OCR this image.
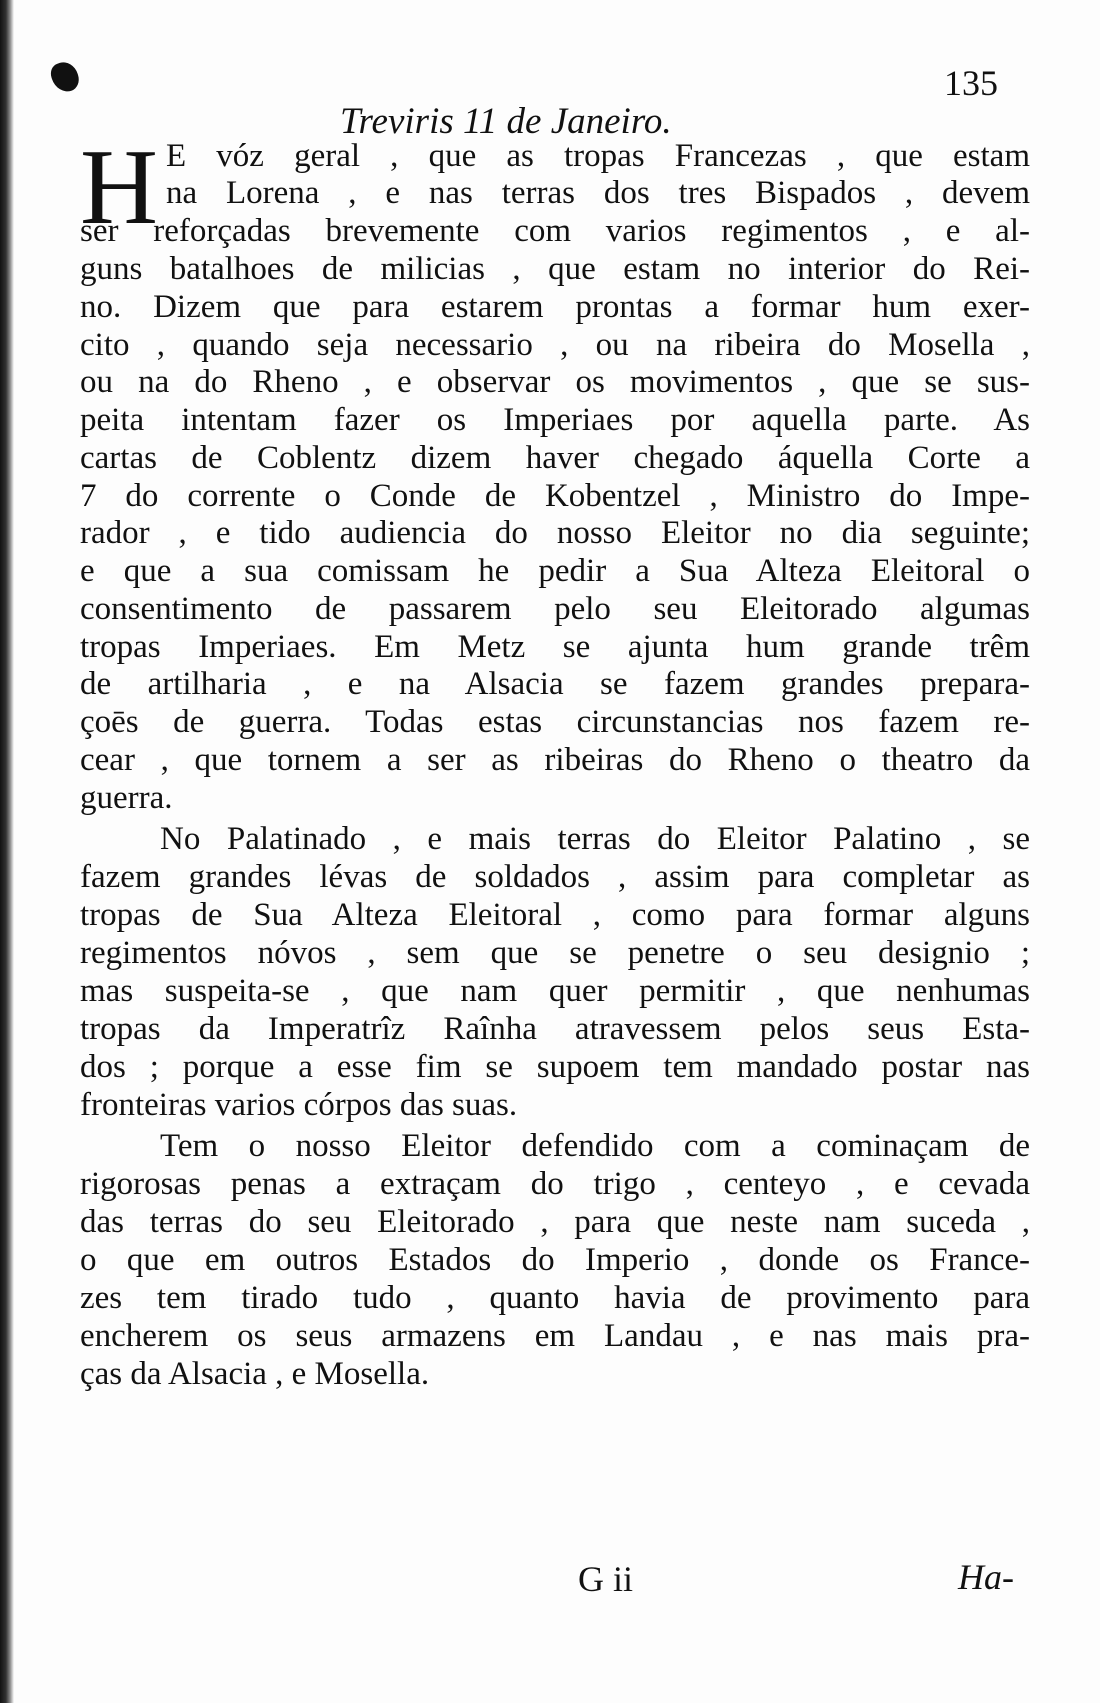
135
Treviris 11 de Janeiro.
H E vóz geral , que as tropas Francezas , que estam
na Lorena , e nas terras dos tres Bispados , devem
ser reforçadas brevemente com varios regimentos , e al-
guns batalhoes de milicias , que estam no interior do Rei-
no. Dizem que para estarem prontas a formar hum exer-
cito , quando seja necessario , ou na ribeira do Mosella ,
ou na do Rheno , e observar os movimentos , que se sus-
peita intentam fazer os Imperiaes por aquella parte. As
cartas de Coblentz dizem haver chegado áquella Corte a
7 do corrente o Conde de Kobentzel , Ministro do Impe-
rador , e tido audiencia do nosso Eleitor no dia seguinte;
e que a sua comissam he pedir a Sua Alteza Eleitoral o
consentimento de passarem pelo seu Eleitorado algumas
tropas Imperiaes. Em Metz se ajunta hum grande trêm
de artilharia , e na Alsacia se fazem grandes prepara-
çoēs de guerra. Todas estas circunstancias nos fazem re-
cear , que tornem a ser as ribeiras do Rheno o theatro da
guerra.
No Palatinado , e mais terras do Eleitor Palatino , se
fazem grandes lévas de soldados , assim para completar as
tropas de Sua Alteza Eleitoral , como para formar alguns
regimentos nóvos , sem que se penetre o seu designio ;
mas suspeita-se , que nam quer permitir , que nenhumas
tropas da Imperatrîz Raînha atravessem pelos seus Esta-
dos ; porque a esse fim se supoem tem mandado postar nas
fronteiras varios córpos das suas.
Tem o nosso Eleitor defendido com a cominaçam de
rigorosas penas a extraçam do trigo , centeyo , e cevada
das terras do seu Eleitorado , para que neste nam suceda ,
o que em outros Estados do Imperio , donde os France-
zes tem tirado tudo , quanto havia de provimento para
encherem os seus armazens em Landau , e nas mais pra-
ças da Alsacia , e Mosella.
G ii	Ha-
